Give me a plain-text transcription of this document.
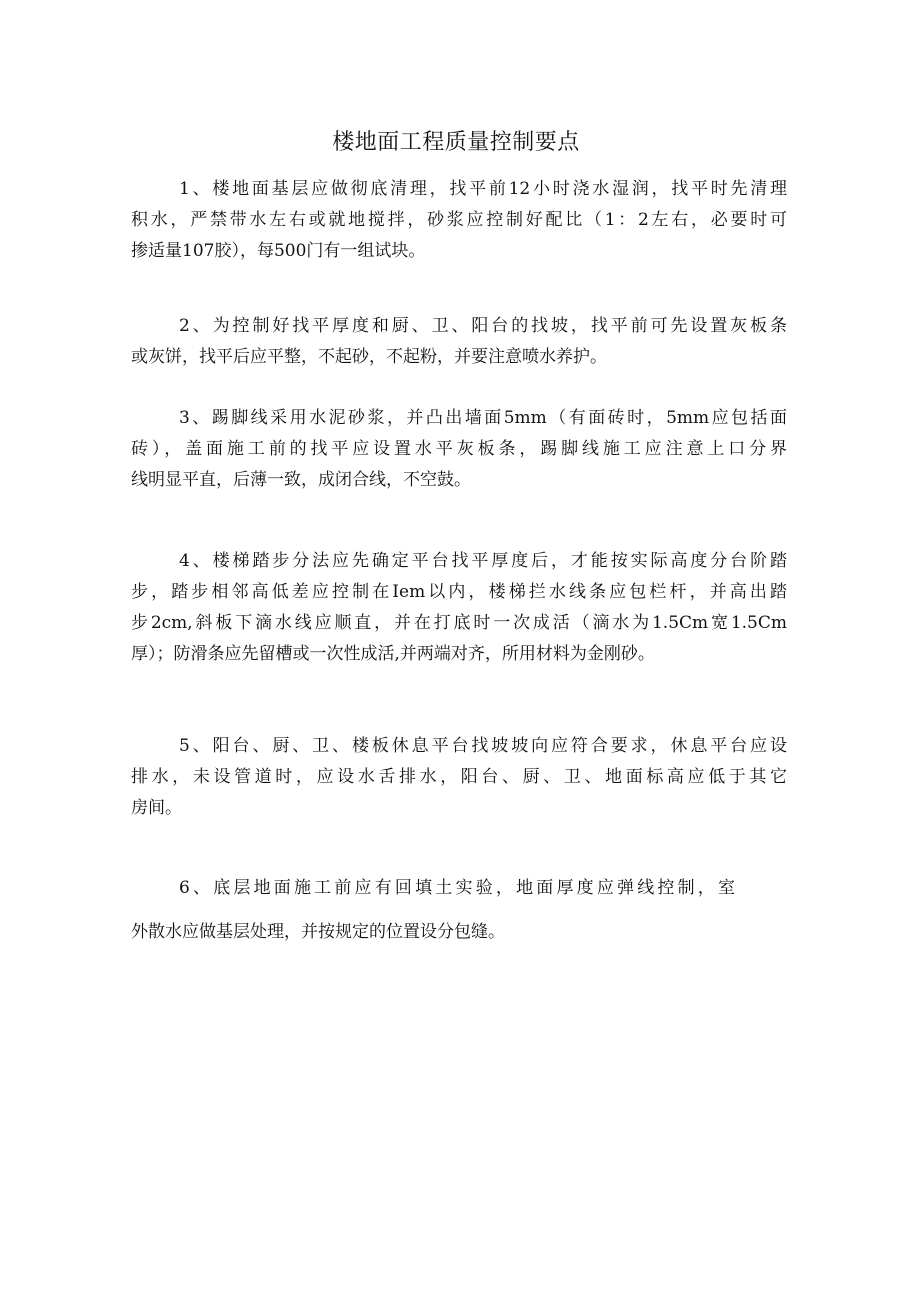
楼地面工程质量控制要点
1、楼地面基层应做彻底清理，找平前12小时浇水湿润，找平时先清理
积水，严禁带水左右或就地搅拌，砂浆应控制好配比（1：2左右，必要时可
掺适量107胶），每500门有一组试块。
2、为控制好找平厚度和厨、卫、阳台的找坡，找平前可先设置灰板条
或灰饼，找平后应平整，不起砂，不起粉，并要注意喷水养护。
3、踢脚线采用水泥砂浆，并凸出墙面5mm（有面砖时，5mm应包括面
砖），盖面施工前的找平应设置水平灰板条，踢脚线施工应注意上口分界
线明显平直，后薄一致，成闭合线，不空鼓。
4、楼梯踏步分法应先确定平台找平厚度后，才能按实际高度分台阶踏
步，踏步相邻高低差应控制在Iem以内，楼梯拦水线条应包栏杆，并高出踏
步2cm,斜板下滴水线应顺直，并在打底时一次成活（滴水为1.5Cm宽1.5Cm
厚）；防滑条应先留槽或一次性成活,并两端对齐，所用材料为金刚砂。
5、阳台、厨、卫、楼板休息平台找坡坡向应符合要求，休息平台应设
排水，未设管道时，应设水舌排水，阳台、厨、卫、地面标高应低于其它
房间。
6、底层地面施工前应有回填土实验，地面厚度应弹线控制，室
外散水应做基层处理，并按规定的位置设分包缝。
